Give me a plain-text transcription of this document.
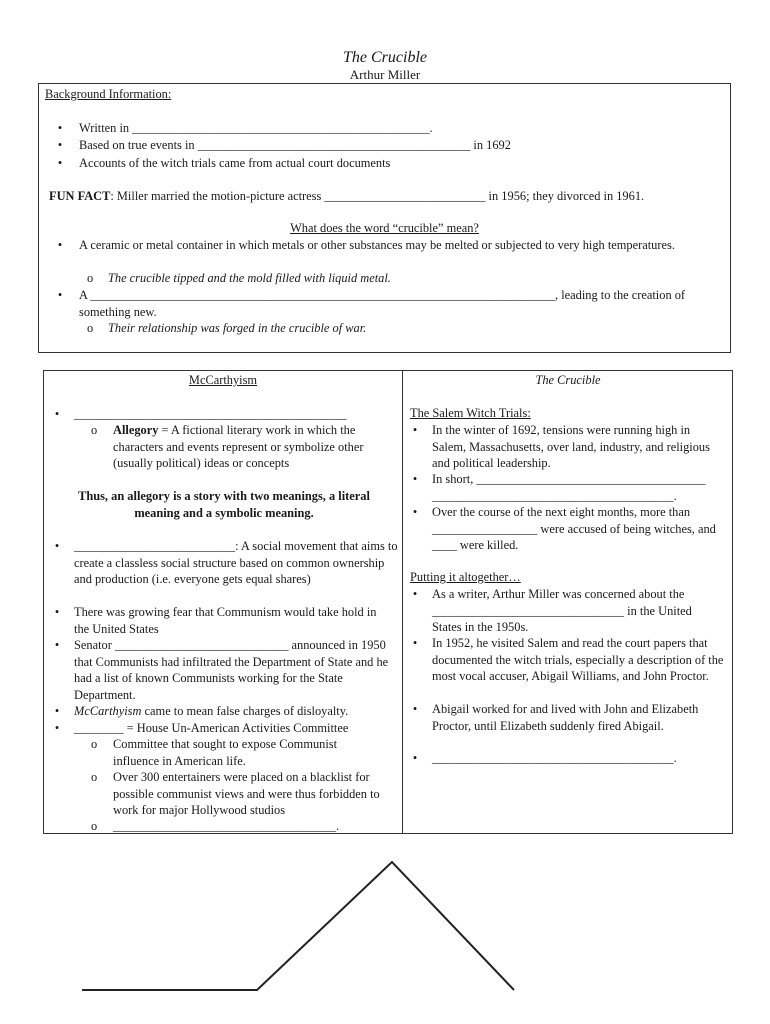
The Crucible
Arthur Miller
Background Information:
• Written in ________________________________________________.
• Based on true events in ____________________________________________ in 1692
• Accounts of the witch trials came from actual court documents
FUN FACT: Miller married the motion-picture actress __________________________ in 1956; they divorced in 1961.
What does the word “crucible” mean?
• A ceramic or metal container in which metals or other substances may be melted or subjected to very high temperatures.
o The crucible tipped and the mold filled with liquid metal.
• A ___________________________________________________________________________, leading to the creation of something new.
o Their relationship was forged in the crucible of war.
McCarthyism
• ____________________________________________
o Allegory = A fictional literary work in which the characters and events represent or symbolize other (usually political) ideas or concepts
Thus, an allegory is a story with two meanings, a literal meaning and a symbolic meaning.
• __________________________: A social movement that aims to create a classless social structure based on common ownership and production (i.e. everyone gets equal shares)
• There was growing fear that Communism would take hold in the United States
• Senator ____________________________ announced in 1950 that Communists had infiltrated the Department of State and he had a list of known Communists working for the State Department.
• McCarthyism came to mean false charges of disloyalty.
• ________ = House Un-American Activities Committee
o Committee that sought to expose Communist influence in American life.
o Over 300 entertainers were placed on a blacklist for possible communist views and were thus forbidden to work for major Hollywood studios
o ____________________________________.

The Crucible
The Salem Witch Trials:
• In the winter of 1692, tensions were running high in Salem, Massachusetts, over land, industry, and religious and political leadership.
• In short, _____________________________________ _______________________________________.
• Over the course of the next eight months, more than _________________ were accused of being witches, and ____ were killed.
Putting it altogether…
• As a writer, Arthur Miller was concerned about the _______________________________ in the United States in the 1950s.
• In 1952, he visited Salem and read the court papers that documented the witch trials, especially a description of the most vocal accuser, Abigail Williams, and John Proctor.
• Abigail worked for and lived with John and Elizabeth Proctor, until Elizabeth suddenly fired Abigail.
• _______________________________________.
